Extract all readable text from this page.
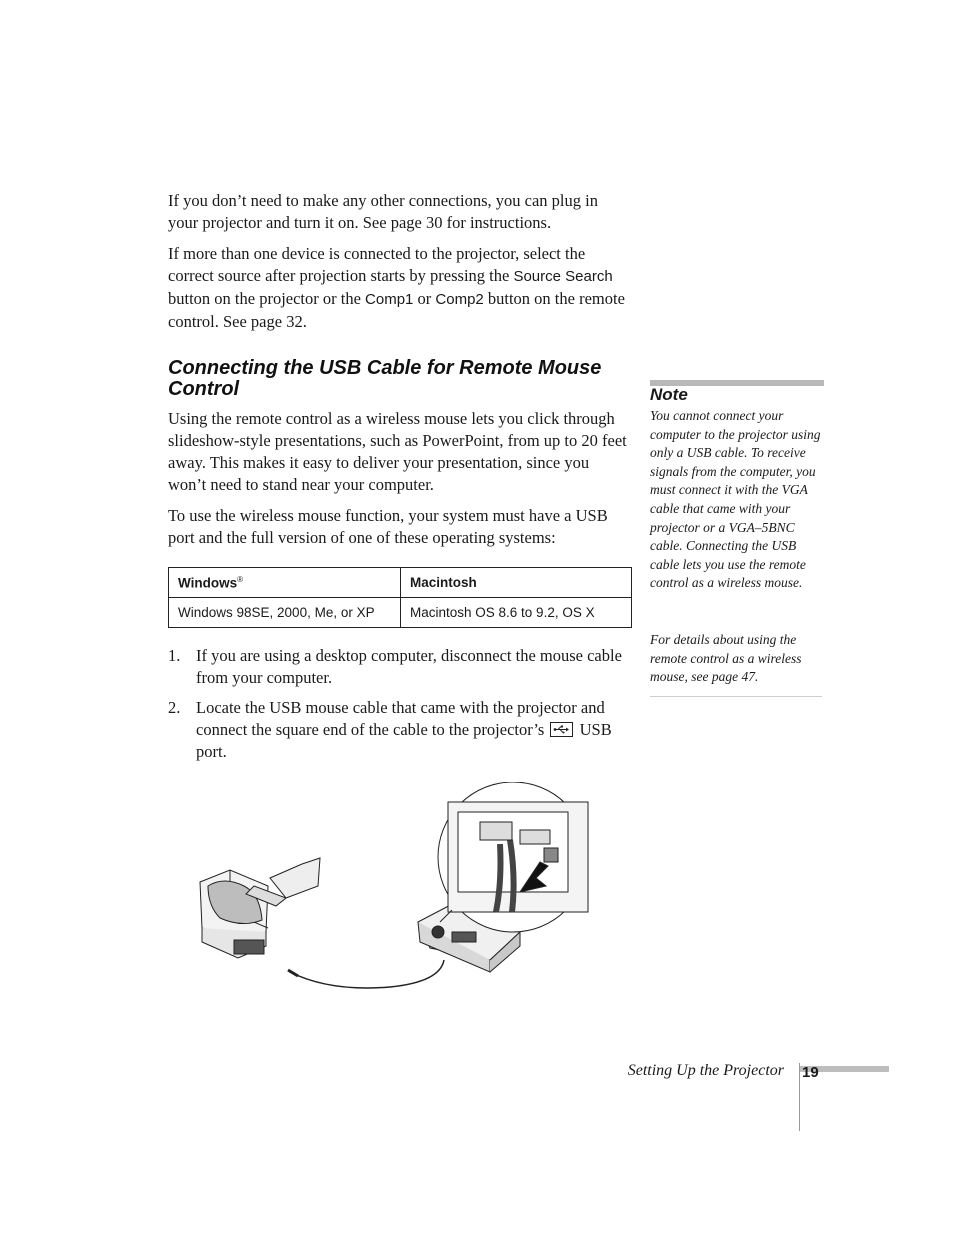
If you don’t need to make any other connections, you can plug in your projector and turn it on. See page 30 for instructions.

If more than one device is connected to the projector, select the correct source after projection starts by pressing the Source Search button on the projector or the Comp1 or Comp2 button on the remote control. See page 32.

Connecting the USB Cable for Remote Mouse Control

Using the remote control as a wireless mouse lets you click through slideshow-style presentations, such as PowerPoint, from up to 20 feet away. This makes it easy to deliver your presentation, since you won’t need to stand near your computer.

To use the wireless mouse function, your system must have a USB port and the full version of one of these operating systems:

Windows®	Macintosh
Windows 98SE, 2000, Me, or XP	Macintosh OS 8.6 to 9.2, OS X
1. If you are using a desktop computer, disconnect the mouse cable from your computer.
2. Locate the USB mouse cable that came with the projector and connect the square end of the cable to the projector’s USB port.
Note

You cannot connect your computer to the projector using only a USB cable. To receive signals from the computer, you must connect it with the VGA cable that came with your projector or a VGA–5BNC cable. Connecting the USB cable lets you use the remote control as a wireless mouse.

For details about using the remote control as a wireless mouse, see page 47.

Setting Up the Projector 19
